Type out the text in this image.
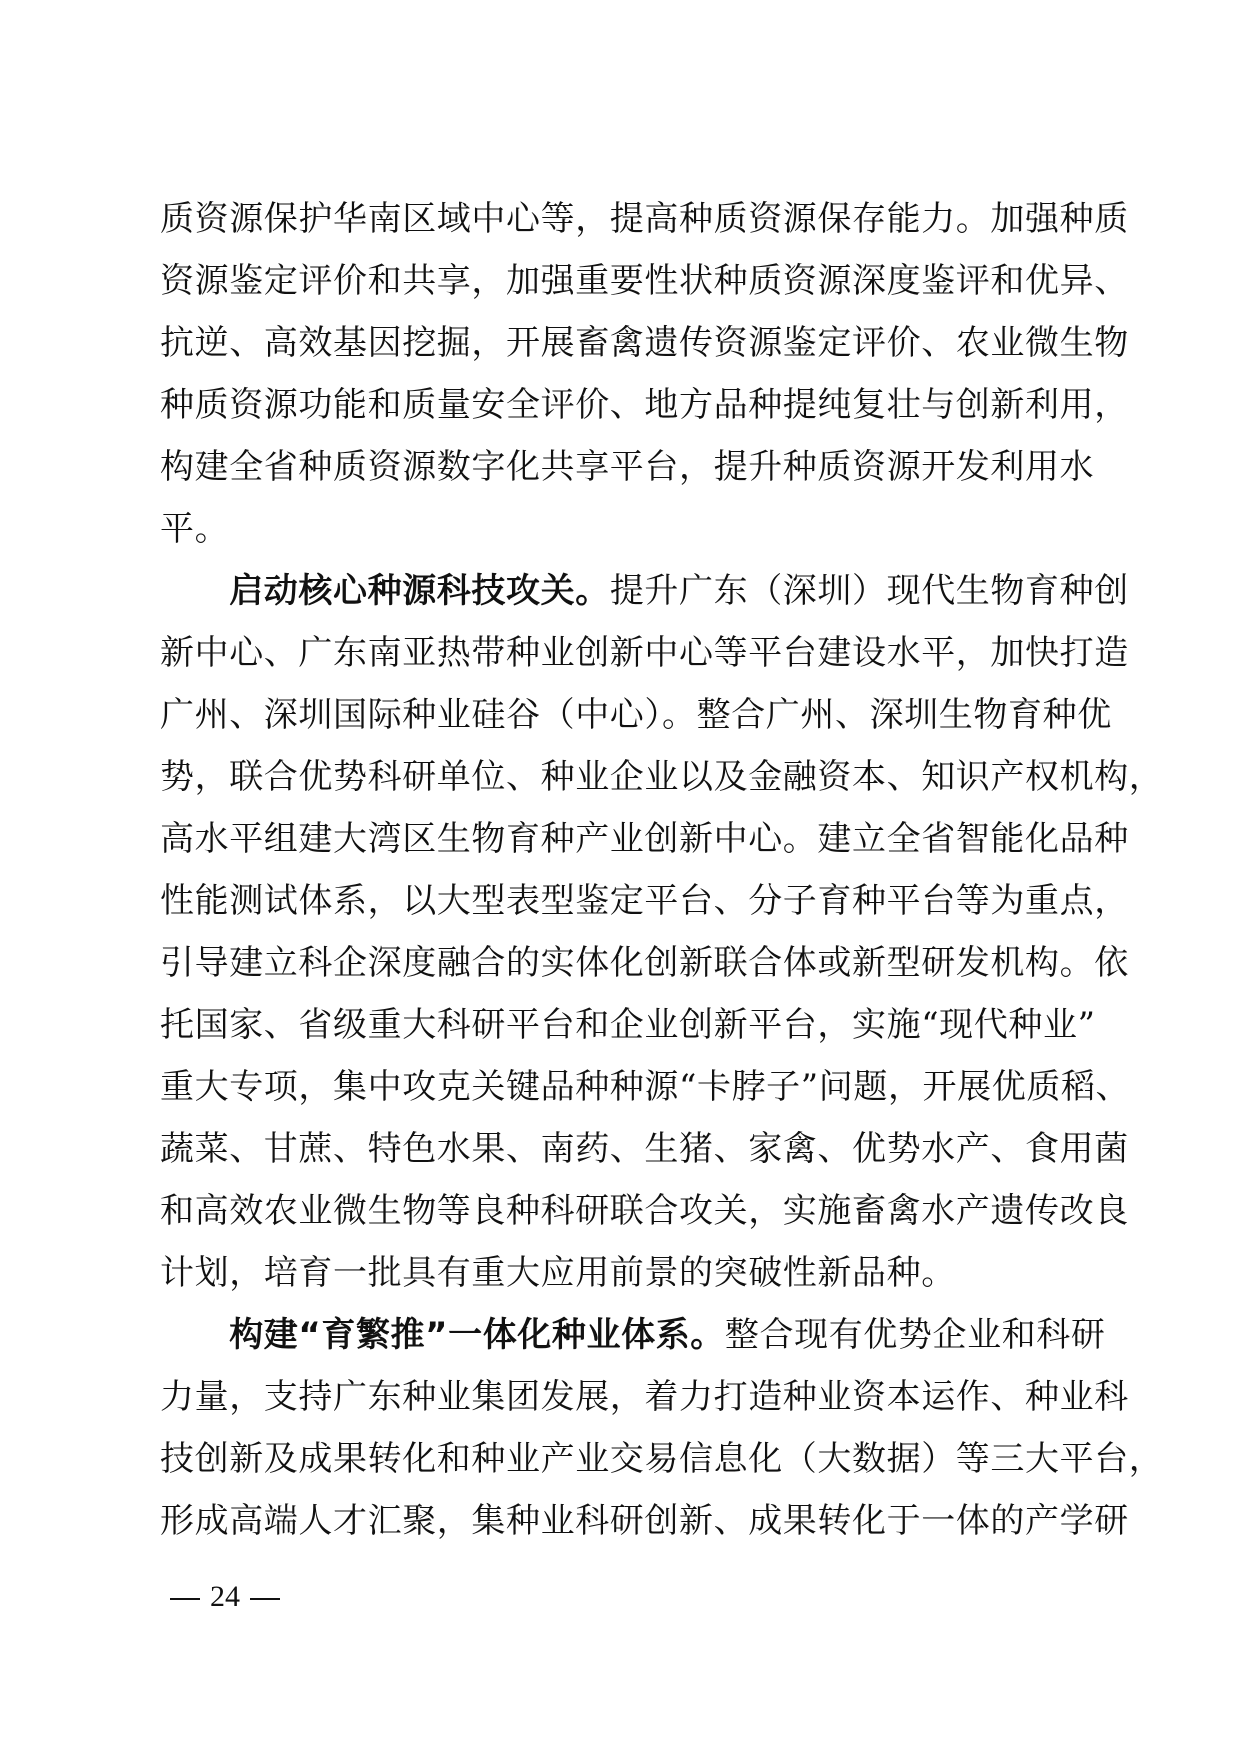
质资源保护华南区域中心等，提高种质资源保存能力。加强种质
资源鉴定评价和共享，加强重要性状种质资源深度鉴评和优异、
抗逆、高效基因挖掘，开展畜禽遗传资源鉴定评价、农业微生物
种质资源功能和质量安全评价、地方品种提纯复壮与创新利用，
构建全省种质资源数字化共享平台，提升种质资源开发利用水
平。
　　启动核心种源科技攻关。提升广东（深圳）现代生物育种创
新中心、广东南亚热带种业创新中心等平台建设水平，加快打造
广州、深圳国际种业硅谷（中心）。整合广州、深圳生物育种优
势，联合优势科研单位、种业企业以及金融资本、知识产权机构，
高水平组建大湾区生物育种产业创新中心。建立全省智能化品种
性能测试体系，以大型表型鉴定平台、分子育种平台等为重点，
引导建立科企深度融合的实体化创新联合体或新型研发机构。依
托国家、省级重大科研平台和企业创新平台，实施“现代种业”
重大专项，集中攻克关键品种种源“卡脖子”问题，开展优质稻、
蔬菜、甘蔗、特色水果、南药、生猪、家禽、优势水产、食用菌
和高效农业微生物等良种科研联合攻关，实施畜禽水产遗传改良
计划，培育一批具有重大应用前景的突破性新品种。
　　构建“育繁推”一体化种业体系。整合现有优势企业和科研
力量，支持广东种业集团发展，着力打造种业资本运作、种业科
技创新及成果转化和种业产业交易信息化（大数据）等三大平台，
形成高端人才汇聚，集种业科研创新、成果转化于一体的产学研
24
